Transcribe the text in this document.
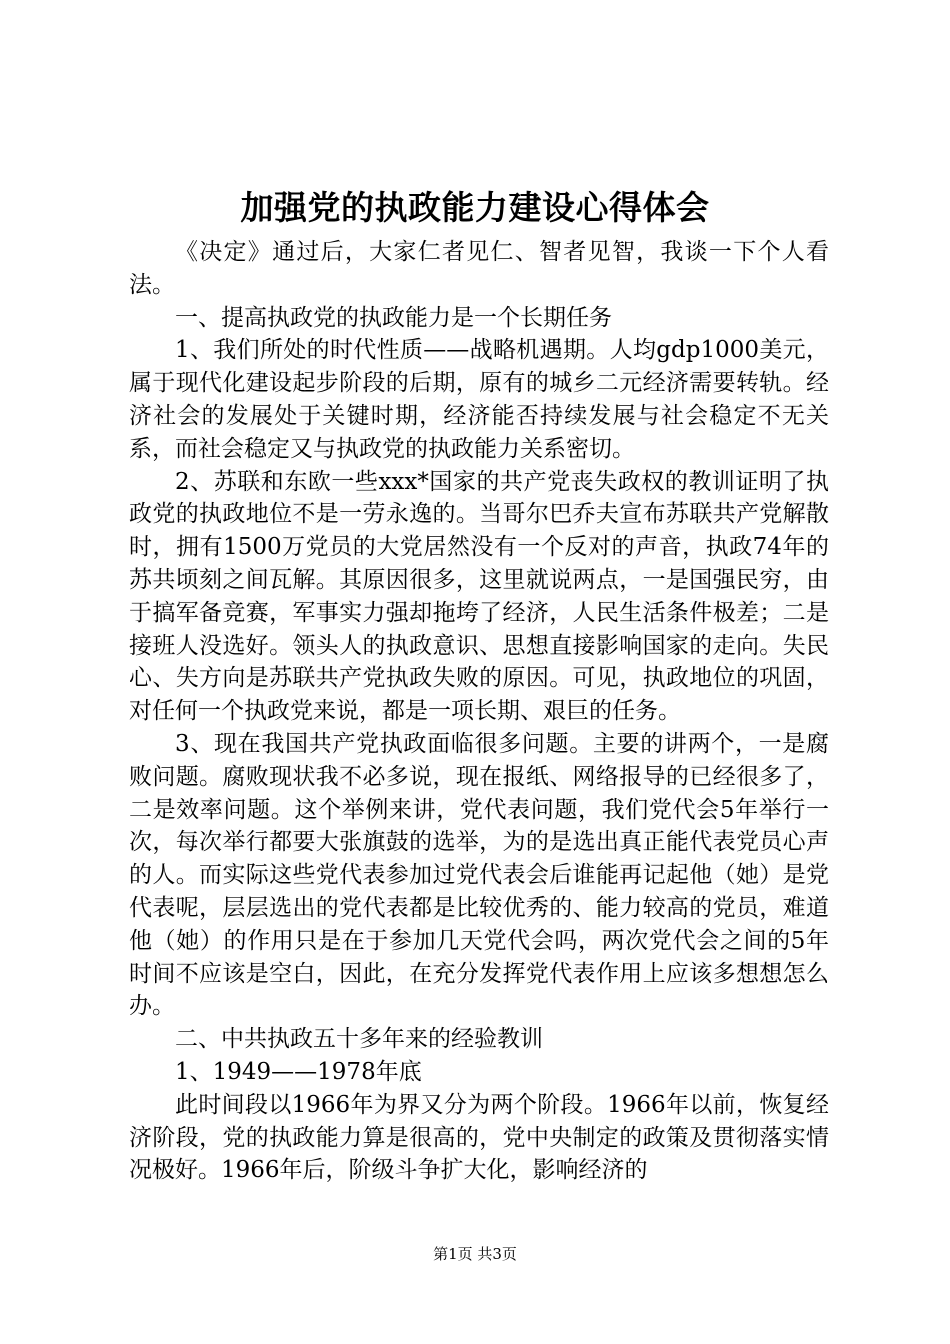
加强党的执政能力建设心得体会

《决定》通过后，大家仁者见仁、智者见智，我谈一下个人看法。

一、提高执政党的执政能力是一个长期任务

1、我们所处的时代性质——战略机遇期。人均gdp1000美元，属于现代化建设起步阶段的后期，原有的城乡二元经济需要转轨。经济社会的发展处于关键时期，经济能否持续发展与社会稳定不无关系，而社会稳定又与执政党的执政能力关系密切。

2、苏联和东欧一些xxx*国家的共产党丧失政权的教训证明了执政党的执政地位不是一劳永逸的。当哥尔巴乔夫宣布苏联共产党解散时，拥有1500万党员的大党居然没有一个反对的声音，执政74年的苏共顷刻之间瓦解。其原因很多，这里就说两点，一是国强民穷，由于搞军备竞赛，军事实力强却拖垮了经济，人民生活条件极差；二是接班人没选好。领头人的执政意识、思想直接影响国家的走向。失民心、失方向是苏联共产党执政失败的原因。可见，执政地位的巩固，对任何一个执政党来说，都是一项长期、艰巨的任务。

3、现在我国共产党执政面临很多问题。主要的讲两个，一是腐败问题。腐败现状我不必多说，现在报纸、网络报导的已经很多了，二是效率问题。这个举例来讲，党代表问题，我们党代会5年举行一次，每次举行都要大张旗鼓的选举，为的是选出真正能代表党员心声的人。而实际这些党代表参加过党代表会后谁能再记起他（她）是党代表呢，层层选出的党代表都是比较优秀的、能力较高的党员，难道他（她）的作用只是在于参加几天党代会吗，两次党代会之间的5年时间不应该是空白，因此，在充分发挥党代表作用上应该多想想怎么办。

二、中共执政五十多年来的经验教训

1、1949——1978年底

此时间段以1966年为界又分为两个阶段。1966年以前，恢复经济阶段，党的执政能力算是很高的，党中央制定的政策及贯彻落实情况极好。1966年后，阶级斗争扩大化，影响经济的

第1页 共3页
